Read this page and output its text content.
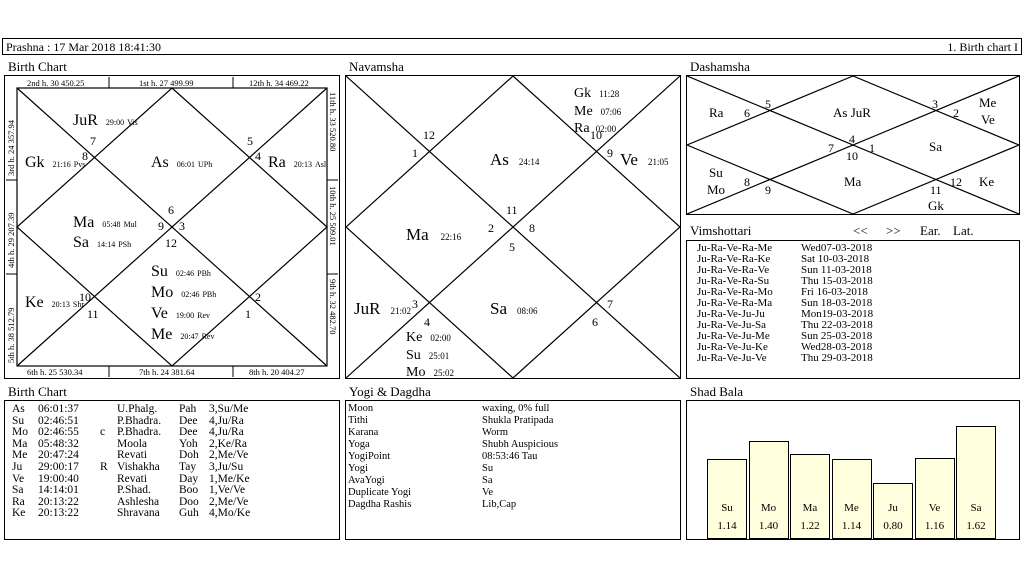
Prashna : 17 Mar 2018 18:41:30	1. Birth chart I
Birth Chart
2nd h. 30 450.25	1st h. 27 499.99	12th h. 34 469.22
6th h. 25 530.34	7th h. 24 381.64	8th h. 20 404.27
3rd h. 24 357.94
4th h. 29 207.39
5th h. 38 512.79
11th h. 33 520.80
10th h. 25 509.01
9th h. 32 482.70
7
8
5
4
6
9 3
12
10
11
2
1
JuR 29:00 Vis
Gk 21:16 Pvs	As 06:01 UPh	Ra 20:13 Asl
Ma 05:48 Mul
Sa 14:14 PSh
Su 02:46 PBh
Mo 02:46 PBh
Ve 19:00 Rev
Me 20:47 Rev
Ke 20:13 Shr
Navamsha
12
1
10
9
11
2	8
5
3
4
7
6
Gk 11:28
Me 07:06
Ra 02:00
As 24:14	Ve 21:05
Ma 22:16
JuR 21:02	Sa 08:06
Ke 02:00
Su 25:01
Mo 25:02
Dashamsha
5
6
3
2
4
7
10
1
8
9	11
12
Ra	As JuR
Me
Ve
Sa
Su
Mo
Ma	Ke
Gk
Vimshottari	<< >> Ear. Lat.
Ju-Ra-Ve-Ra-Me	Wed07-03-2018
Ju-Ra-Ve-Ra-Ke	Sat 10-03-2018
Ju-Ra-Ve-Ra-Ve	Sun 11-03-2018
Ju-Ra-Ve-Ra-Su	Thu 15-03-2018
Ju-Ra-Ve-Ra-Mo	Fri 16-03-2018
Ju-Ra-Ve-Ra-Ma	Sun 18-03-2018
Ju-Ra-Ve-Ju-Ju	Mon19-03-2018
Ju-Ra-Ve-Ju-Sa	Thu 22-03-2018
Ju-Ra-Ve-Ju-Me	Sun 25-03-2018
Ju-Ra-Ve-Ju-Ke	Wed28-03-2018
Ju-Ra-Ve-Ju-Ve	Thu 29-03-2018
Birth Chart
As	06:01:37	U.Phalg.	Pah	3,Su/Me
Su	02:46:51	P.Bhadra.	Dee 4,Ju/Ra
Mo 02:46:55	c	P.Bhadra.	Dee 4,Ju/Ra
Ma 05:48:32	Moola	Yoh 2,Ke/Ra
Me 20:47:24	Revati	Doh 2,Me/Ve
Ju	29:00:17	R Vishakha	Tay	3,Ju/Su
Ve	19:00:40	Revati	Day 1,Me/Ke
Sa	14:14:01	P.Shad.	Boo 1,Ve/Ve
Ra	20:13:22	Ashlesha	Doo 2,Me/Ve
Ke	20:13:22	Shravana	Guh 4,Mo/Ke
Yogi & Dagdha
Moon	waxing, 0% full
Tithi	Shukla Pratipada
Karana	Worm
Yoga	Shubh Auspicious
YogiPoint	08:53:46 Tau
Yogi	Su
AvaYogi	Sa
Duplicate Yogi	Ve
Dagdha Rashis	Lib,Cap
Shad Bala
Su
1.14
Mo
1.40
Ma
1.22
Me
1.14
Ju
0.80
Ve
1.16
Sa
1.62
